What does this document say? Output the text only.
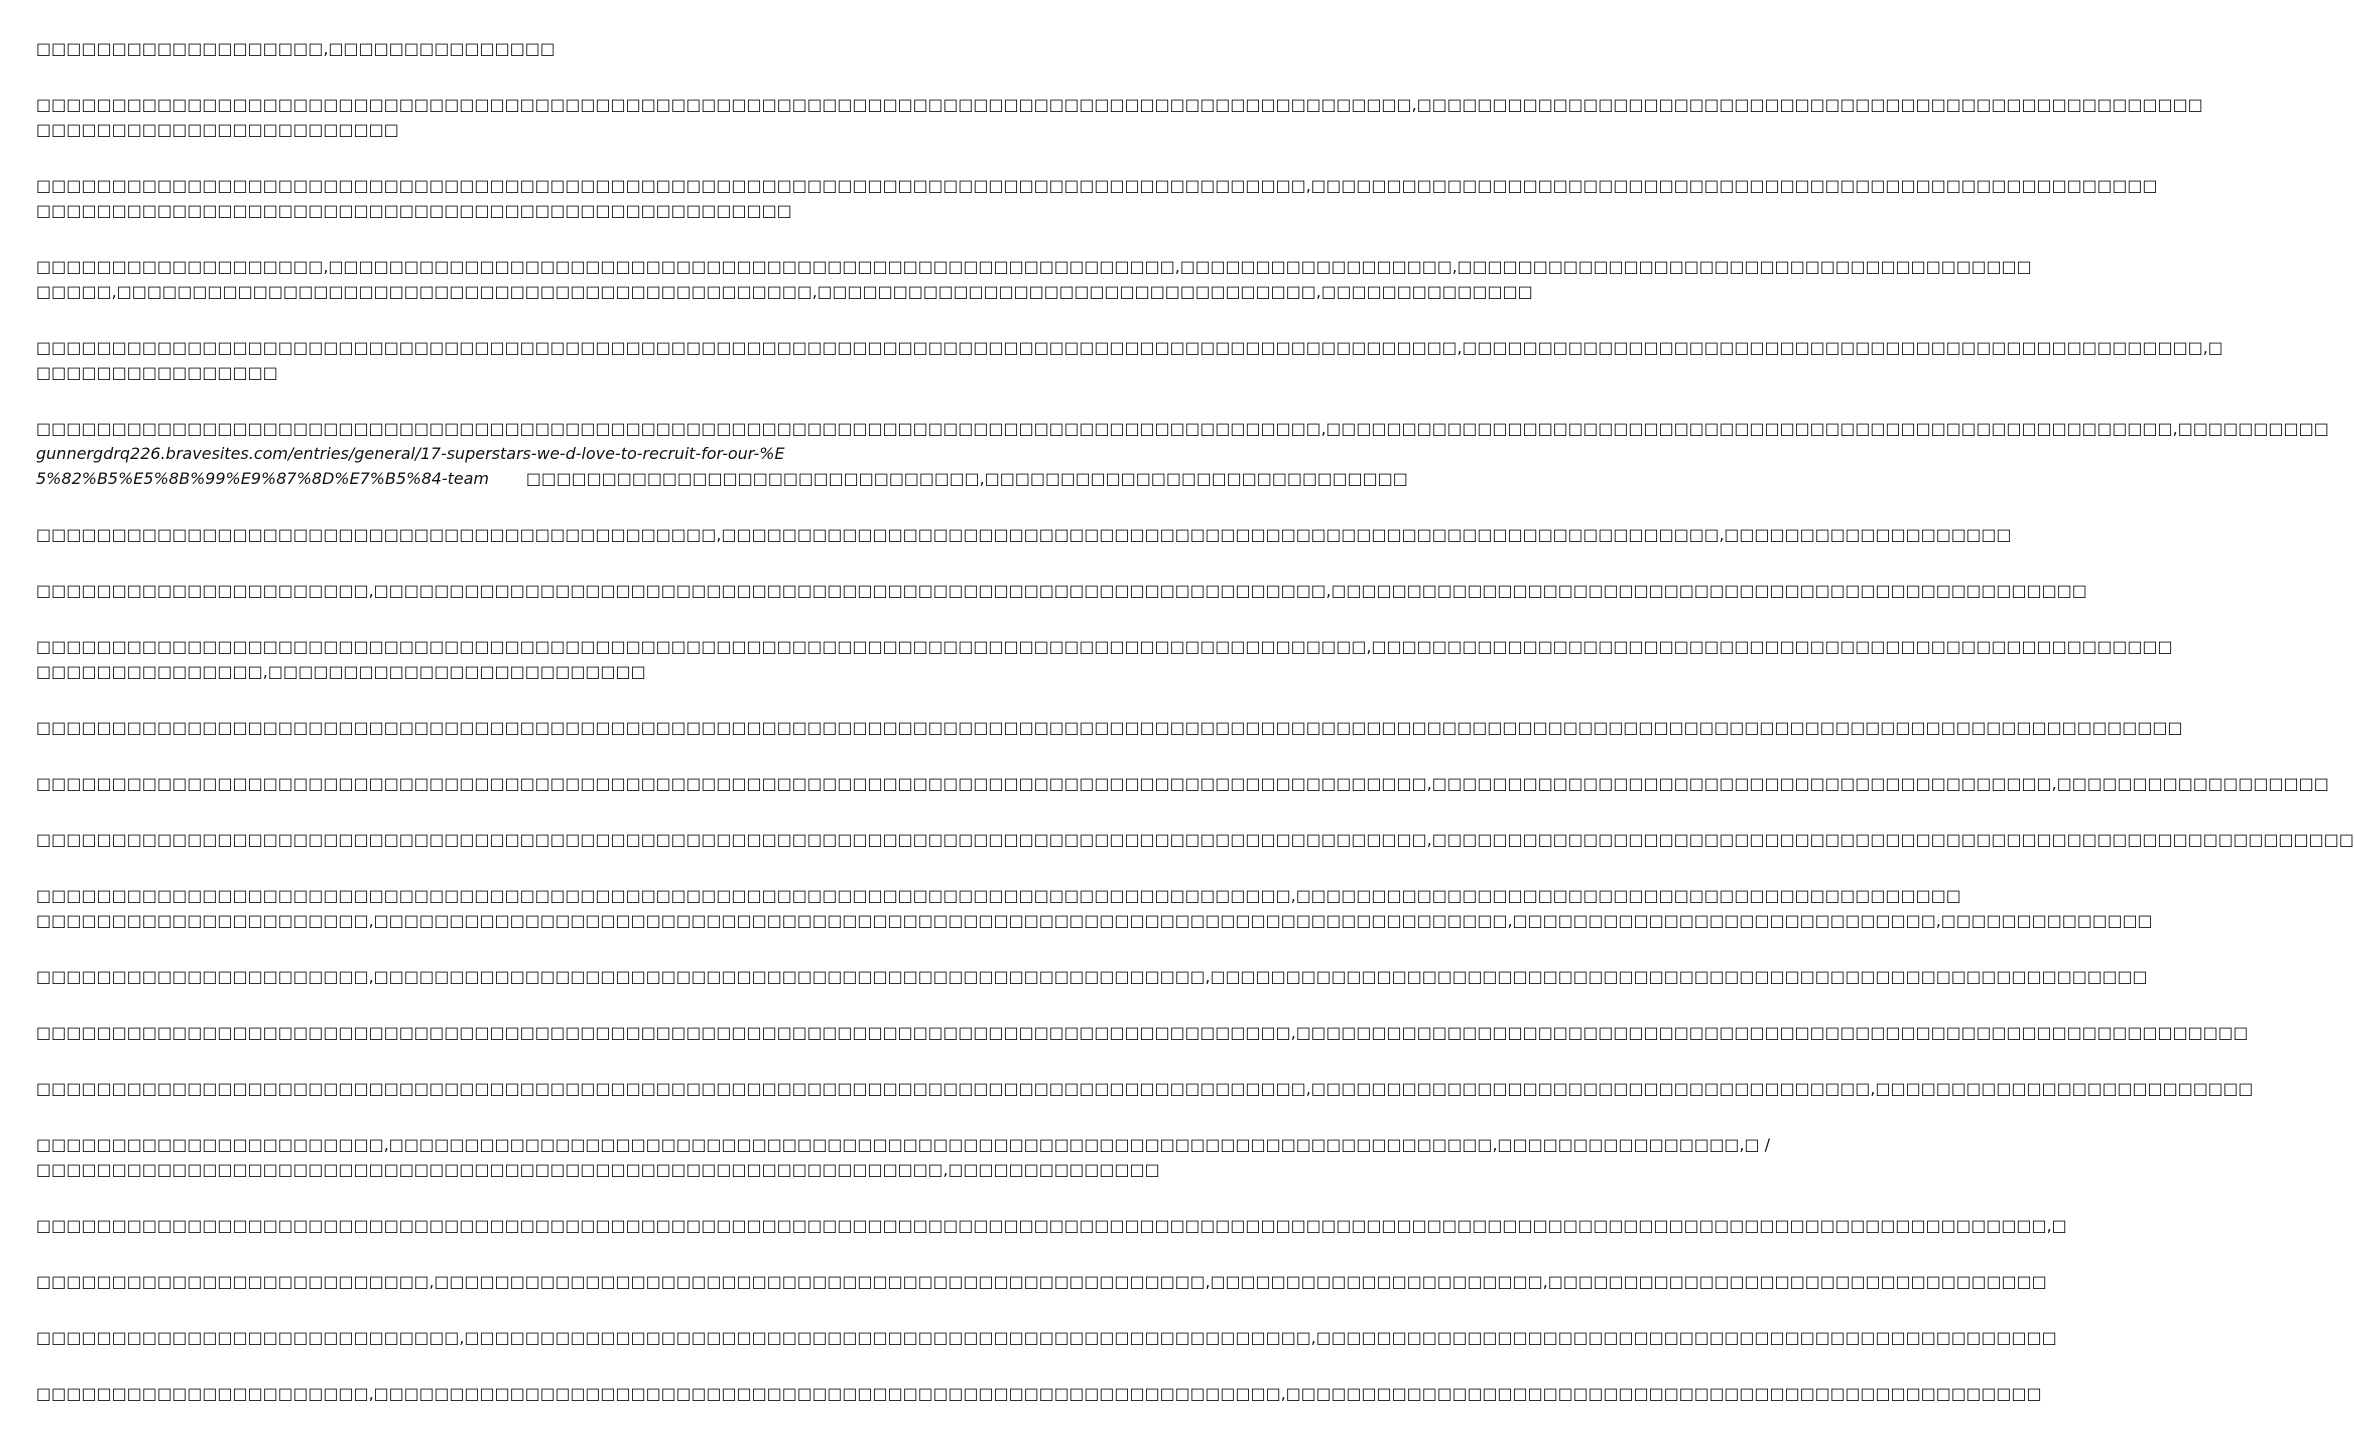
□□□□□□□□□□□□□□□□□□□,□□□□□□□□□□□□□□□
□□□□□□□□□□□□□□□□□□□□□□□□□□□□□□□□□□□□□□□□□□□□□□□□□□□□□□□□□□□□□□□□□□□□□□□□□□□□□□□□□□□□□□□□□□□,□□□□□□□□□□□□□□□□□□□□□□□□□□□□□□□□□□□□□□□□□□□□□□□□□□□□
□□□□□□□□□□□□□□□□□□□□□□□□
□□□□□□□□□□□□□□□□□□□□□□□□□□□□□□□□□□□□□□□□□□□□□□□□□□□□□□□□□□□□□□□□□□□□□□□□□□□□□□□□□□□□,□□□□□□□□□□□□□□□□□□□□□□□□□□□□□□□□□□□□□□□□□□□□□□□□□□□□□□□□
□□□□□□□□□□□□□□□□□□□□□□□□□□□□□□□□□□□□□□□□□□□□□□□□□□
□□□□□□□□□□□□□□□□□□□,□□□□□□□□□□□□□□□□□□□□□□□□□□□□□□□□□□□□□□□□□□□□□□□□□□□□□□□□,□□□□□□□□□□□□□□□□□□,□□□□□□□□□□□□□□□□□□□□□□□□□□□□□□□□□□□□□□
□□□□□,□□□□□□□□□□□□□□□□□□□□□□□□□□□□□□□□□□□□□□□□□□□□□□,□□□□□□□□□□□□□□□□□□□□□□□□□□□□□□□□□,□□□□□□□□□□□□□□
□□□□□□□□□□□□□□□□□□□□□□□□□□□□□□□□□□□□□□□□□□□□□□□□□□□□□□□□□□□□□□□□□□□□□□□□□□□□□□□□□□□□□□□□□□□□□□,□□□□□□□□□□□□□□□□□□□□□□□□□□□□□□□□□□□□□□□□□□□□□□□□□,□
□□□□□□□□□□□□□□□□
□□□□□□□□□□□□□□□□□□□□□□□□□□□□□□□□□□□□□□□□□□□□□□□□□□□□□□□□□□□□□□□□□□□□□□□□□□□□□□□□□□□□□,□□□□□□□□□□□□□□□□□□□□□□□□□□□□□□□□□□□□□□□□□□□□□□□□□□□□□□□□,□□□□□□□□□□
gunnergdrq226.bravesites.com/entries/general/17-superstars-we-d-love-to-recruit-for-our-%E5%82%B5%E5%8B%99%E9%87%8D%E7%B5%84-team	□□□□□□□□□□□□□□□□□□□□□□□□□□□□□□,□□□□□□□□□□□□□□□□□□□□□□□□□□□□
□□□□□□□□□□□□□□□□□□□□□□□□□□□□□□□□□□□□□□□□□□□□□,□□□□□□□□□□□□□□□□□□□□□□□□□□□□□□□□□□□□□□□□□□□□□□□□□□□□□□□□□□□□□□□□□□,□□□□□□□□□□□□□□□□□□□
□□□□□□□□□□□□□□□□□□□□□□,□□□□□□□□□□□□□□□□□□□□□□□□□□□□□□□□□□□□□□□□□□□□□□□□□□□□□□□□□□□□□□□,□□□□□□□□□□□□□□□□□□□□□□□□□□□□□□□□□□□□□□□□□□□□□□□□□□
□□□□□□□□□□□□□□□□□□□□□□□□□□□□□□□□□□□□□□□□□□□□□□□□□□□□□□□□□□□□□□□□□□□□□□□□□□□□□□□□□□□□□□□□,□□□□□□□□□□□□□□□□□□□□□□□□□□□□□□□□□□□□□□□□□□□□□□□□□□□□□
□□□□□□□□□□□□□□□,□□□□□□□□□□□□□□□□□□□□□□□□□
□□□□□□□□□□□□□□□□□□□□□□□□□□□□□□□□□□□□□□□□□□□□□□□□□□□□□□□□□□□□□□□□□□□□□□□□□□□□□□□□□□□□□□□□□□□□□□□□□□□□□□□□□□□□□□□□□□□□□□□□□□□□□□□□□□□□□□□□□□□□□□
□□□□□□□□□□□□□□□□□□□□□□□□□□□□□□□□□□□□□□□□□□□□□□□□□□□□□□□□□□□□□□□□□□□□□□□□□□□□□□□□□□□□□□□□□□□□,□□□□□□□□□□□□□□□□□□□□□□□□□□□□□□□□□□□□□□□□□,□□□□□□□□□□□□□□□□□□
□□□□□□□□□□□□□□□□□□□□□□□□□□□□□□□□□□□□□□□□□□□□□□□□□□□□□□□□□□□□□□□□□□□□□□□□□□□□□□□□□□□□□□□□□□□□,□□□□□□□□□□□□□□□□□□□□□□□□□□□□□□□□□□□□□□□□□□□□□□□□□□□□□□□□□□□□□
□□□□□□□□□□□□□□□□□□□□□□□□□□□□□□□□□□□□□□□□□□□□□□□□□□□□□□□□□□□□□□□□□□□□□□□□□□□□□□□□□□□,□□□□□□□□□□□□□□□□□□□□□□□□□□□□□□□□□□□□□□□□□□□□
□□□□□□□□□□□□□□□□□□□□□□,□□□□□□□□□□□□□□□□□□□□□□□□□□□□□□□□□□□□□□□□□□□□□□□□□□□□□□□□□□□□□□□□□□□□□□□□□□□,□□□□□□□□□□□□□□□□□□□□□□□□□□□□,□□□□□□□□□□□□□□
□□□□□□□□□□□□□□□□□□□□□□,□□□□□□□□□□□□□□□□□□□□□□□□□□□□□□□□□□□□□□□□□□□□□□□□□□□□□□□,□□□□□□□□□□□□□□□□□□□□□□□□□□□□□□□□□□□□□□□□□□□□□□□□□□□□□□□□□□□□□□
□□□□□□□□□□□□□□□□□□□□□□□□□□□□□□□□□□□□□□□□□□□□□□□□□□□□□□□□□□□□□□□□□□□□□□□□□□□□□□□□□□□,□□□□□□□□□□□□□□□□□□□□□□□□□□□□□□□□□□□□□□□□□□□□□□□□□□□□□□□□□□□□□□□
□□□□□□□□□□□□□□□□□□□□□□□□□□□□□□□□□□□□□□□□□□□□□□□□□□□□□□□□□□□□□□□□□□□□□□□□□□□□□□□□□□□□,□□□□□□□□□□□□□□□□□□□□□□□□□□□□□□□□□□□□□,□□□□□□□□□□□□□□□□□□□□□□□□□
□□□□□□□□□□□□□□□□□□□□□□□,□□□□□□□□□□□□□□□□□□□□□□□□□□□□□□□□□□□□□□□□□□□□□□□□□□□□□□□□□□□□□□□□□□□□□□□□□,□□□□□□□□□□□□□□□□,□ /
□□□□□□□□□□□□□□□□□□□□□□□□□□□□□□□□□□□□□□□□□□□□□□□□□□□□□□□□□□□□,□□□□□□□□□□□□□□
□□□□□□□□□□□□□□□□□□□□□□□□□□□□□□□□□□□□□□□□□□□□□□□□□□□□□□□□□□□□□□□□□□□□□□□□□□□□□□□□□□□□□□□□□□□□□□□□□□□□□□□□□□□□□□□□□□□□□□□□□□□□□□□□□□□□□,□
□□□□□□□□□□□□□□□□□□□□□□□□□□,□□□□□□□□□□□□□□□□□□□□□□□□□□□□□□□□□□□□□□□□□□□□□□□□□□□,□□□□□□□□□□□□□□□□□□□□□□,□□□□□□□□□□□□□□□□□□□□□□□□□□□□□□□□□
□□□□□□□□□□□□□□□□□□□□□□□□□□□□,□□□□□□□□□□□□□□□□□□□□□□□□□□□□□□□□□□□□□□□□□□□□□□□□□□□□□□□□,□□□□□□□□□□□□□□□□□□□□□□□□□□□□□□□□□□□□□□□□□□□□□□□□□
□□□□□□□□□□□□□□□□□□□□□□,□□□□□□□□□□□□□□□□□□□□□□□□□□□□□□□□□□□□□□□□□□□□□□□□□□□□□□□□□□□□,□□□□□□□□□□□□□□□□□□□□□□□□□□□□□□□□□□□□□□□□□□□□□□□□□□
